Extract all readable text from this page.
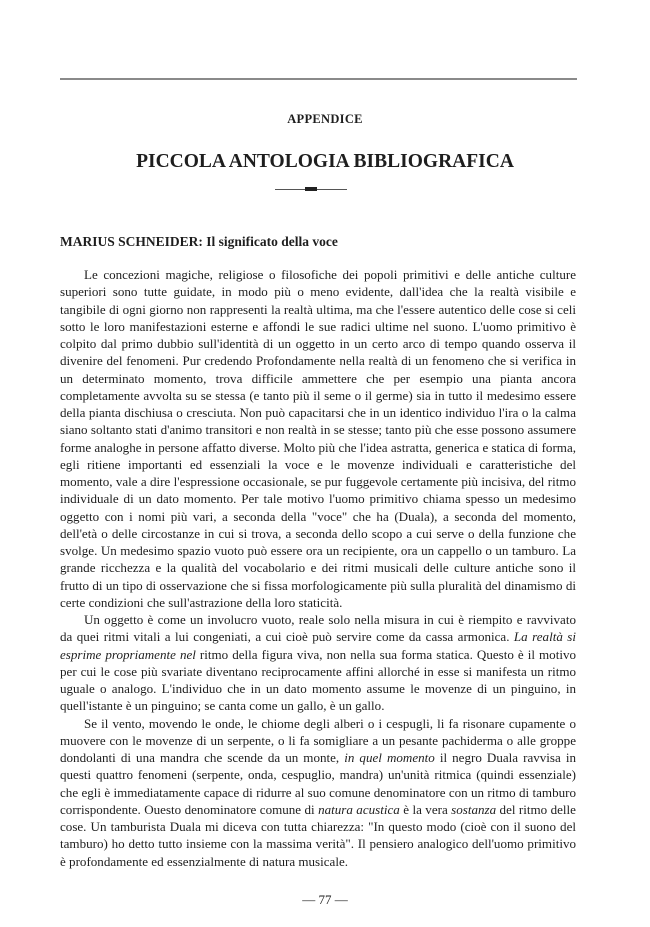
APPENDICE

PICCOLA ANTOLOGIA BIBLIOGRAFICA
MARIUS SCHNEIDER: Il significato della voce

Le concezioni magiche, religiose o filosofiche dei popoli primitivi e delle antiche culture superiori sono tutte guidate, in modo più o meno evidente, dall'idea che la realtà visibile e tangibile di ogni giorno non rappresenti la realtà ultima, ma che l'essere autentico delle cose si celi sotto le loro manifestazioni esterne e affondi le sue radici ultime nel suono. L'uomo primitivo è colpito dal primo dubbio sull'identità di un oggetto in un certo arco di tempo quando osserva il divenire del fenomeni. Pur credendo Profondamente nella realtà di un fenomeno che si verifica in un determinato momento, trova difficile ammettere che per esempio una pianta ancora completamente avvolta su se stessa (e tanto più il seme o il germe) sia in tutto il medesimo essere della pianta dischiusa o cresciuta. Non può capacitarsi che in un identico individuo l'ira o la calma siano soltanto stati d'animo transitori e non realtà in se stesse; tanto più che esse possono assumere forme analoghe in persone affatto diverse. Molto più che l'idea astratta, generica e statica di forma, egli ritiene importanti ed essenziali la voce e le movenze individuali e caratteristiche del momento, vale a dire l'espressione occasionale, se pur fuggevole certamente più incisiva, del ritmo individuale di un dato momento. Per tale motivo l'uomo primitivo chiama spesso un medesimo oggetto con i nomi più vari, a seconda della "voce" che ha (Duala), a seconda del momento, dell'età o delle circostanze in cui si trova, a seconda dello scopo a cui serve o della funzione che svolge. Un medesimo spazio vuoto può essere ora un recipiente, ora un cappello o un tamburo. La grande ricchezza e la qualità del vocabolario e dei ritmi musicali delle culture antiche sono il frutto di un tipo di osservazione che si fissa morfologicamente più sulla pluralità del dinamismo di certe condizioni che sull'astrazione della loro staticità.

Un oggetto è come un involucro vuoto, reale solo nella misura in cui è riempito e ravvivato da quei ritmi vitali a lui congeniati, a cui cioè può servire come da cassa armonica. La realtà si esprime propriamente nel ritmo della figura viva, non nella sua forma statica. Questo è il motivo per cui le cose più svariate diventano reciprocamente affini allorché in esse si manifesta un ritmo uguale o analogo. L'individuo che in un dato momento assume le movenze di un pinguino, in quell'istante è un pinguino; se canta come un gallo, è un gallo.

Se il vento, movendo le onde, le chiome degli alberi o i cespugli, li fa risonare cupamente o muovere con le movenze di un serpente, o li fa somigliare a un pesante pachiderma o alle groppe dondolanti di una mandra che scende da un monte, in quel momento il negro Duala ravvisa in questi quattro fenomeni (serpente, onda, cespuglio, mandra) un'unità ritmica (quindi essenziale) che egli è immediatamente capace di ridurre al suo comune denominatore con un ritmo di tamburo corrispondente. Ouesto denominatore comune di natura acustica è la vera sostanza del ritmo delle cose. Un tamburista Duala mi diceva con tutta chiarezza: "In questo modo (cioè con il suono del tamburo) ho detto tutto insieme con la massima verità". Il pensiero analogico dell'uomo primitivo è profondamente ed essenzialmente di natura musicale.

— 77 —
